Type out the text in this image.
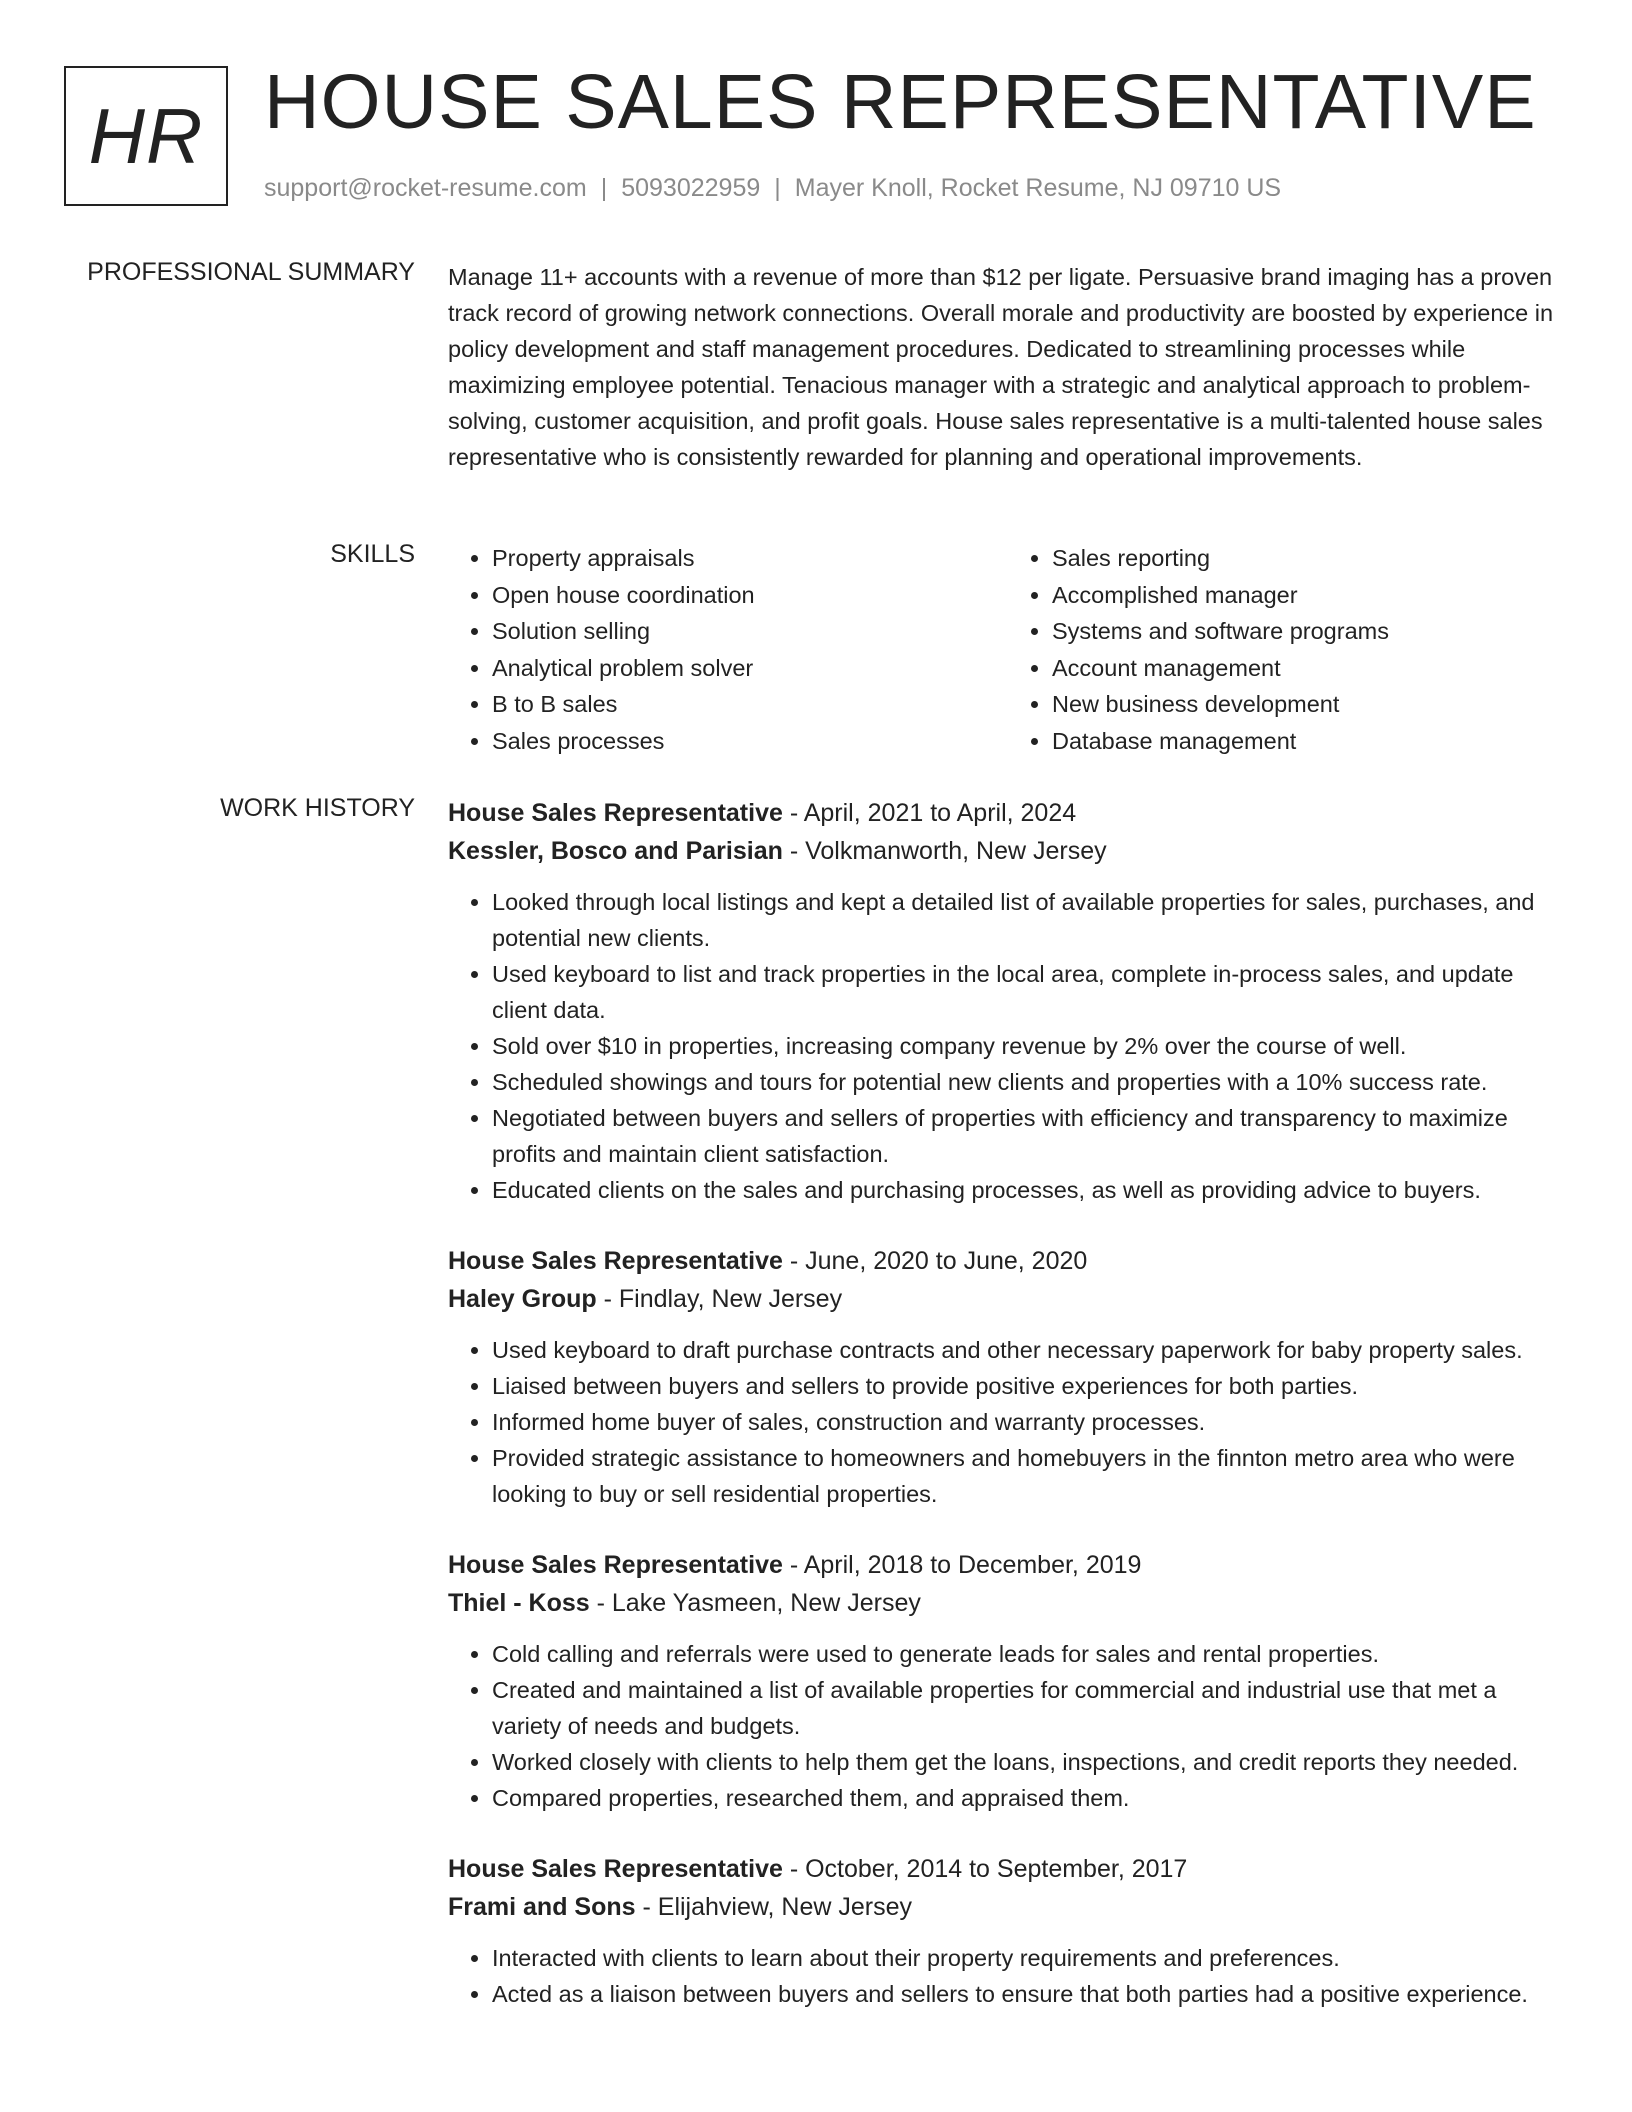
HR HOUSE SALES REPRESENTATIVE
support@rocket-resume.com | 5093022959 | Mayer Knoll, Rocket Resume, NJ 09710 US
PROFESSIONAL SUMMARY Manage 11+ accounts with a revenue of more than $12 per ligate. Persuasive brand imaging has a proven track record of growing network connections. Overall morale and productivity are boosted by experience in policy development and staff management procedures. Dedicated to streamlining processes while maximizing employee potential. Tenacious manager with a strategic and analytical approach to problem-solving, customer acquisition, and profit goals. House sales representative is a multi-talented house sales representative who is consistently rewarded for planning and operational improvements.

SKILLS
•	Property appraisals
• Open house coordination
• Solution selling
• Analytical problem solver
• B to B sales
• Sales processes
• Sales reporting
• Accomplished manager
• Systems and software programs
• Account management
• New business development
• Database management
WORK HISTORY House Sales Representative - April, 2021 to April, 2024
Kessler, Bosco and Parisian - Volkmanworth, New Jersey
• Looked through local listings and kept a detailed list of available properties for sales, purchases, and potential new clients.
• Used keyboard to list and track properties in the local area, complete in-process sales, and update client data.
• Sold over $10 in properties, increasing company revenue by 2% over the course of well.
• Scheduled showings and tours for potential new clients and properties with a 10% success rate.
• Negotiated between buyers and sellers of properties with efficiency and transparency to maximize profits and maintain client satisfaction.
• Educated clients on the sales and purchasing processes, as well as providing advice to buyers.
House Sales Representative - June, 2020 to June, 2020
Haley Group - Findlay, New Jersey
• Used keyboard to draft purchase contracts and other necessary paperwork for baby property sales.
• Liaised between buyers and sellers to provide positive experiences for both parties.
• Informed home buyer of sales, construction and warranty processes.
• Provided strategic assistance to homeowners and homebuyers in the finnton metro area who were looking to buy or sell residential properties.
House Sales Representative - April, 2018 to December, 2019
Thiel - Koss - Lake Yasmeen, New Jersey
• Cold calling and referrals were used to generate leads for sales and rental properties.
• Created and maintained a list of available properties for commercial and industrial use that met a variety of needs and budgets.
• Worked closely with clients to help them get the loans, inspections, and credit reports they needed.
• Compared properties, researched them, and appraised them.
House Sales Representative - October, 2014 to September, 2017
Frami and Sons - Elijahview, New Jersey
• Interacted with clients to learn about their property requirements and preferences.
• Acted as a liaison between buyers and sellers to ensure that both parties had a positive experience.
